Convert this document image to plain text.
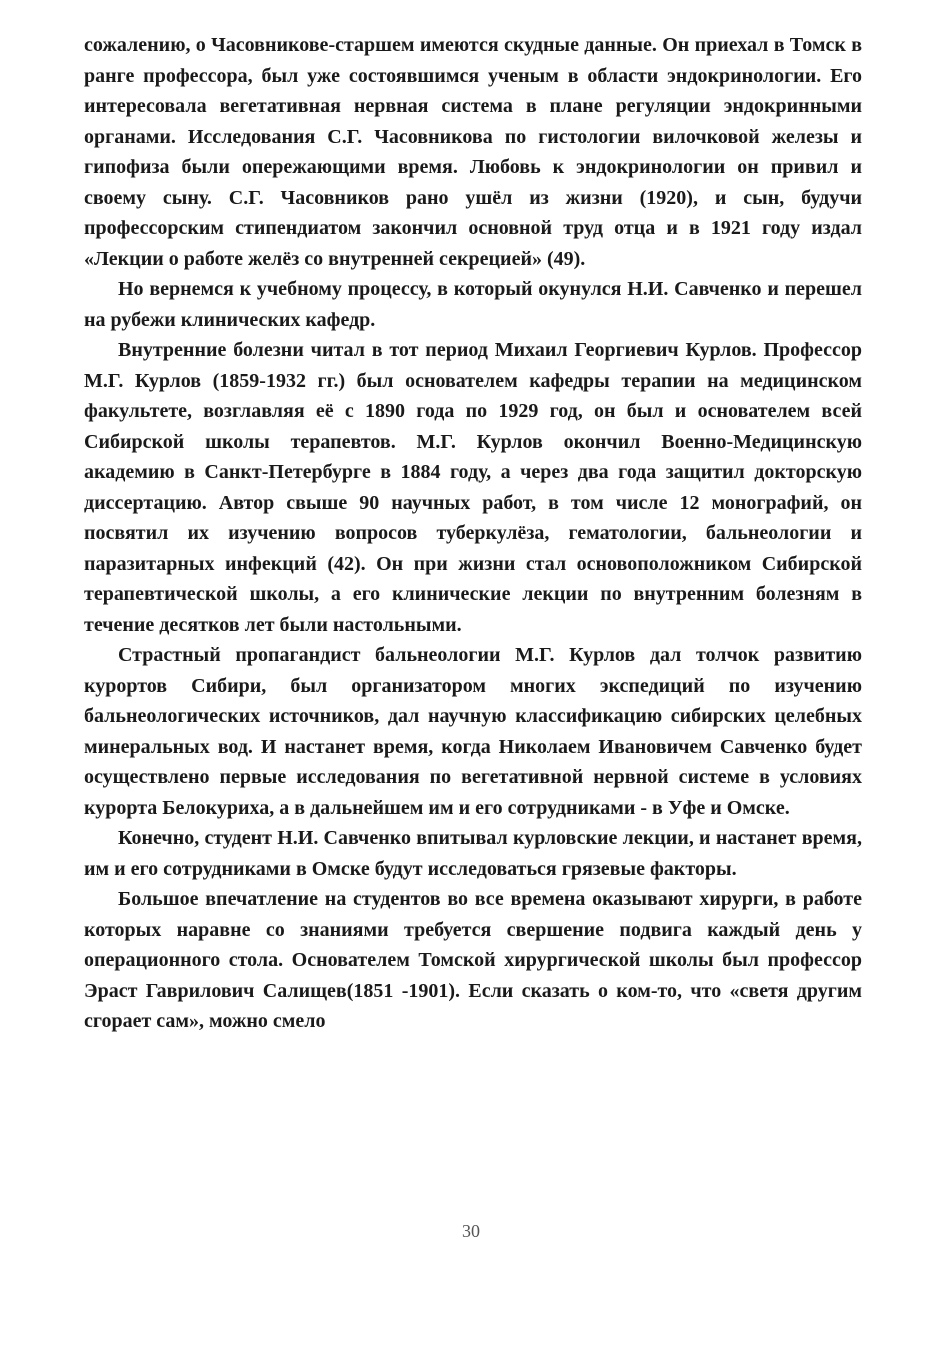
сожалению, о Часовникове-старшем имеются скудные данные. Он приехал в Томск в ранге профессора, был уже состоявшимся ученым в области эндокринологии. Его интересовала вегетативная нервная система в плане регуляции эндокринными органами. Исследования С.Г. Часовникова по гистологии вилочковой железы и гипофиза были опережающими время. Любовь к эндокринологии он привил и своему сыну. С.Г. Часовников рано ушёл из жизни (1920), и сын, будучи профессорским стипендиатом закончил основной труд отца и в 1921 году издал «Лекции о работе желёз со внутренней секрецией» (49).

Но вернемся к учебному процессу, в который окунулся Н.И. Савченко и перешел на рубежи клинических кафедр.

Внутренние болезни читал в тот период Михаил Георгиевич Курлов. Профессор М.Г. Курлов (1859-1932 гг.) был основателем кафедры терапии на медицинском факультете, возглавляя её с 1890 года по 1929 год, он был и основателем всей Сибирской школы терапевтов. М.Г. Курлов окончил Военно-Медицинскую академию в Санкт-Петербурге в 1884 году, а через два года защитил докторскую диссертацию. Автор свыше 90 научных работ, в том числе 12 монографий, он посвятил их изучению вопросов туберкулёза, гематологии, бальнеологии и паразитарных инфекций (42). Он при жизни стал основоположником Сибирской терапевтической школы, а его клинические лекции по внутренним болезням в течение десятков лет были настольными.

Страстный пропагандист бальнеологии М.Г. Курлов дал толчок развитию курортов Сибири, был организатором многих экспедиций по изучению бальнеологических источников, дал научную классификацию сибирских целебных минеральных вод. И настанет время, когда Николаем Ивановичем Савченко будет осуществлено первые исследования по вегетативной нервной системе в условиях курорта Белокуриха, а в дальнейшем им и его сотрудниками - в Уфе и Омске.

Конечно, студент Н.И. Савченко впитывал курловские лекции, и настанет время, им и его сотрудниками в Омске будут исследоваться грязевые факторы.

Большое впечатление на студентов во все времена оказывают хирурги, в работе которых наравне со знаниями требуется свершение подвига каждый день у операционного стола. Основателем Томской хирургической школы был профессор Эраст Гаврилович Салищев(1851 -1901). Если сказать о ком-то, что «светя другим сгорает сам», можно смело

30
